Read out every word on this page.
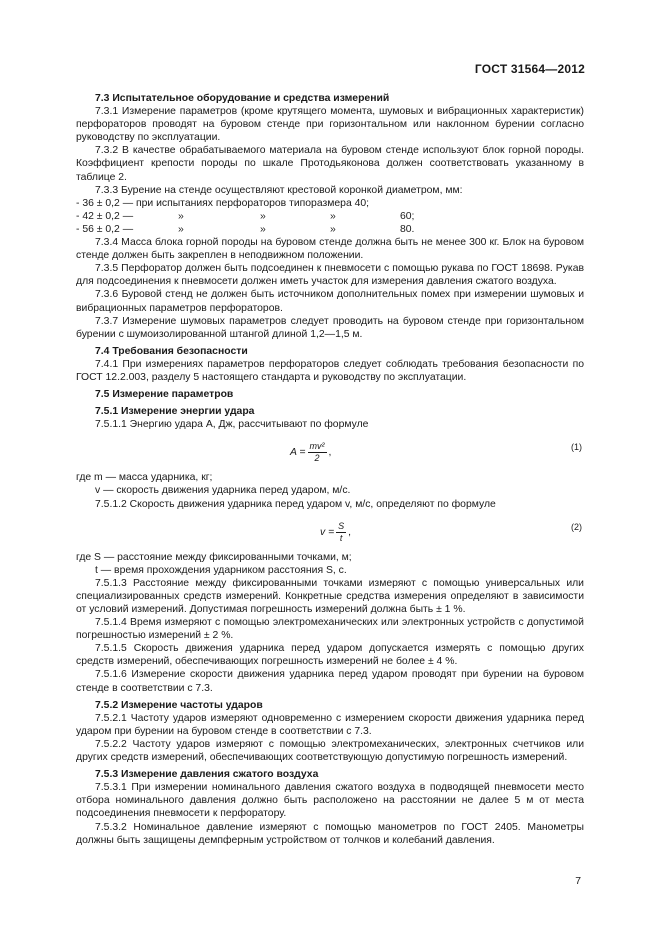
ГОСТ 31564—2012

7.3 Испытательное оборудование и средства измерений

7.3.1 Измерение параметров (кроме крутящего момента, шумовых и вибрационных характеристик) перфораторов проводят на буровом стенде при горизонтальном или наклонном бурении согласно руководству по эксплуатации.

7.3.2 В качестве обрабатываемого материала на буровом стенде используют блок горной породы. Коэффициент крепости породы по шкале Протодьяконова должен соответствовать указанному в таблице 2.

7.3.3 Бурение на стенде осуществляют крестовой коронкой диаметром, мм:

- 36 ± 0,2 — при испытаниях перфораторов типоразмера 40;
- 42 ± 0,2 —	»	»	»	60;
- 56 ± 0,2 —	»	»	»	80.

7.3.4 Масса блока горной породы на буровом стенде должна быть не менее 300 кг. Блок на буровом стенде должен быть закреплен в неподвижном положении.

7.3.5 Перфоратор должен быть подсоединен к пневмосети с помощью рукава по ГОСТ 18698. Рукав для подсоединения к пневмосети должен иметь участок для измерения давления сжатого воздуха.

7.3.6 Буровой стенд не должен быть источником дополнительных помех при измерении шумовых и вибрационных параметров перфораторов.

7.3.7 Измерение шумовых параметров следует проводить на буровом стенде при горизонтальном бурении с шумоизолированной штангой длиной 1,2—1,5 м.

7.4 Требования безопасности

7.4.1 При измерениях параметров перфораторов следует соблюдать требования безопасности по ГОСТ 12.2.003, разделу 5 настоящего стандарта и руководству по эксплуатации.

7.5 Измерение параметров

7.5.1 Измерение энергии удара

7.5.1.1 Энергию удара A, Дж, рассчитывают по формуле

$A = \frac{\text{mv²}}{2}$ ,	(1)

где m — масса ударника, кг;

v — скорость движения ударника перед ударом, м/с.

7.5.1.2 Скорость движения ударника перед ударом v, м/с, определяют по формуле

$v = \frac{S}{t}$ ,	(2)

где S — расстояние между фиксированными точками, м;

t — время прохождения ударником расстояния S, с.

7.5.1.3 Расстояние между фиксированными точками измеряют с помощью универсальных или специализированных средств измерений. Конкретные средства измерения определяют в зависимости от условий измерений. Допустимая погрешность измерений должна быть ± 1 %.

7.5.1.4 Время измеряют с помощью электромеханических или электронных устройств с допустимой погрешностью измерений ± 2 %.

7.5.1.5 Скорость движения ударника перед ударом допускается измерять с помощью других средств измерений, обеспечивающих погрешность измерений не более ± 4 %.

7.5.1.6 Измерение скорости движения ударника перед ударом проводят при бурении на буровом стенде в соответствии с 7.3.

7.5.2 Измерение частоты ударов

7.5.2.1 Частоту ударов измеряют одновременно с измерением скорости движения ударника перед ударом при бурении на буровом стенде в соответствии с 7.3.

7.5.2.2 Частоту ударов измеряют с помощью электромеханических, электронных счетчиков или других средств измерений, обеспечивающих соответствующую допустимую погрешность измерений.

7.5.3 Измерение давления сжатого воздуха

7.5.3.1 При измерении номинального давления сжатого воздуха в подводящей пневмосети место отбора номинального давления должно быть расположено на расстоянии не далее 5 м от места подсоединения пневмосети к перфоратору.

7.5.3.2 Номинальное давление измеряют с помощью манометров по ГОСТ 2405. Манометры должны быть защищены демпферным устройством от толчков и колебаний давления.

7
